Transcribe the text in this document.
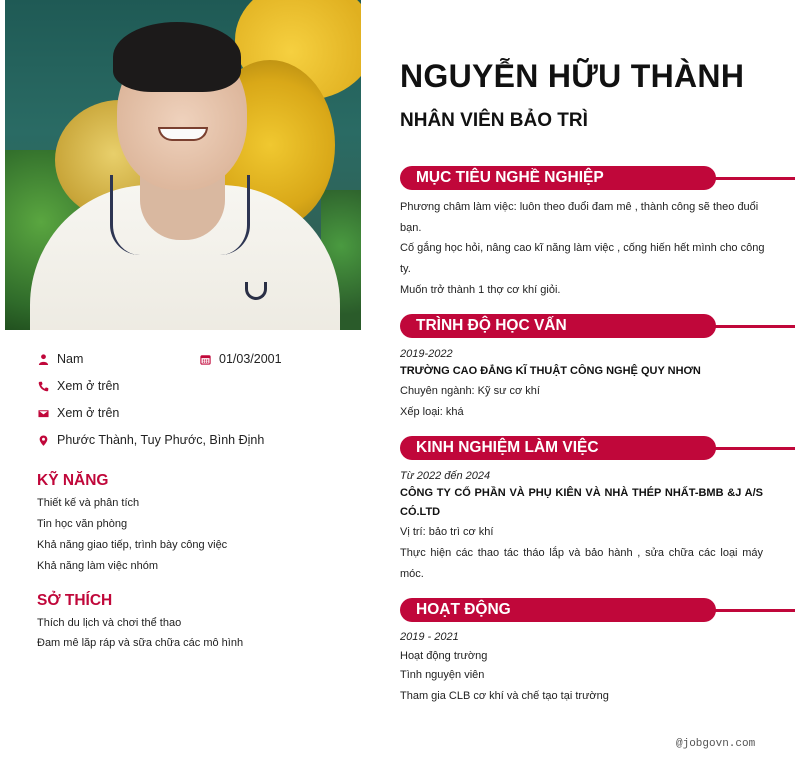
Nam	01/03/2001
Xem ở trên
Xem ở trên
Phước Thành, Tuy Phước, Bình Định
KỸ NĂNG
Thiết kế và phân tích
Tin học văn phòng
Khả năng giao tiếp, trình bày công việc
Khả năng làm việc nhóm
SỞ THÍCH
Thích du lịch và chơi thể thao
Đam mê lăp ráp và sữa chữa các mô hình
NGUYỄN HỮU THÀNH
NHÂN VIÊN BẢO TRÌ
MỤC TIÊU NGHỀ NGHIỆP
Phương châm làm việc: luôn theo đuổi đam mê , thành công sẽ theo đuổi bạn.
Cố gắng học hỏi, nâng cao kĩ năng làm việc , cống hiến hết mình cho công ty.
Muốn trở thành 1 thợ cơ khí giỏi.
TRÌNH ĐỘ HỌC VẤN
2019-2022
TRƯỜNG CAO ĐẲNG KĨ THUẬT CÔNG NGHỆ QUY NHƠN
Chuyên ngành: Kỹ sư cơ khí
Xếp loại: khá
KINH NGHIỆM LÀM VIỆC
Từ 2022 đến 2024
CÔNG TY CỔ PHẦN VÀ PHỤ KIÊN VÀ NHÀ THÉP NHẤT-BMB &J A/S CÓ.LTD
Vị trí: bảo trì cơ khí
Thực hiện các thao tác tháo lắp và bảo hành , sửa chữa các loại máy móc.
HOẠT ĐỘNG
2019 - 2021
Hoạt động trường
Tình nguyện viên
Tham gia CLB cơ khí và chế tạo tại trường
@jobgovn.com
